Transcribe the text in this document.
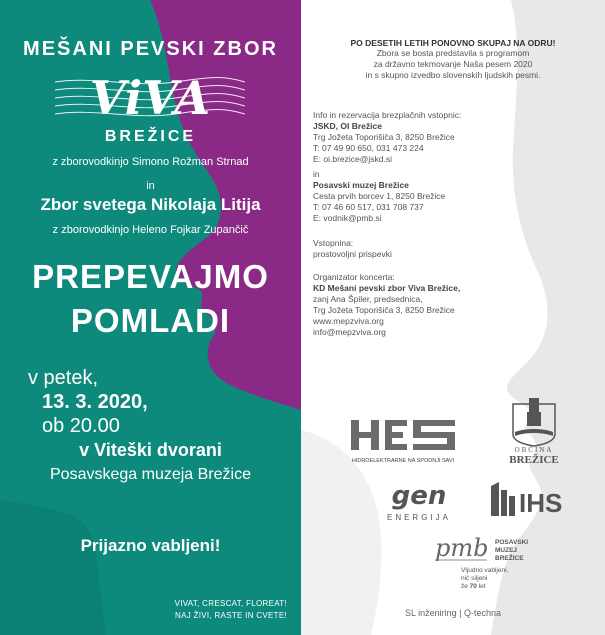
MEŠANI PEVSKI ZBOR
ViVA
BREŽICE
z zborovodkinjo Simono Rožman Strnad
in
Zbor svetega Nikolaja Litija
z zborovodkinjo Heleno Fojkar Zupančič
PREPEVAJMO
POMLADI
v petek,
13. 3. 2020,
ob 20.00
v Viteški dvorani
Posavskega muzeja Brežice
Prijazno vabljeni!
VIVAT, CRESCAT, FLOREAT!
NAJ ŽIVI, RASTE IN CVETE!
PO DESETIH LETIH PONOVNO SKUPAJ NA ODRU!
Zbora se bosta predstavila s programom
za državno tekmovanje Naša pesem 2020
in s skupno izvedbo slovenskih ljudskih pesmi.
Info in rezervacija brezplačnih vstopnic:
JSKD, OI Brežice
Trg Jožeta Toporišiča 3, 8250 Brežice
T: 07 49 90 650, 031 473 224
E: oi.brezice@jskd.si
in
Posavski muzej Brežice
Cesta prvih borcev 1, 8250 Brežice
T: 07 46 60 517, 031 708 737
E: vodnik@pmb.si
Vstopnina:
prostovoljni prispevki
Organizator koncerta:
KD Mešani pevski zbor Viva Brežice,
zanj Ana Špiler, predsednica,
Trg Jožeta Toporišiča 3, 8250 Brežice
www.mepzviva.org
info@mepzviva.org
HIDROELEKTRARNE NA SPODNJI SAVI
OBČINA
BREŽICE
gen
ENERGIJA	IHS
pmb POSAVSKI
MUZEJ
BREŽICE
Vljudno vabljeni,
nič siljeni
že 70 let
SL inženiring | Q-techna
